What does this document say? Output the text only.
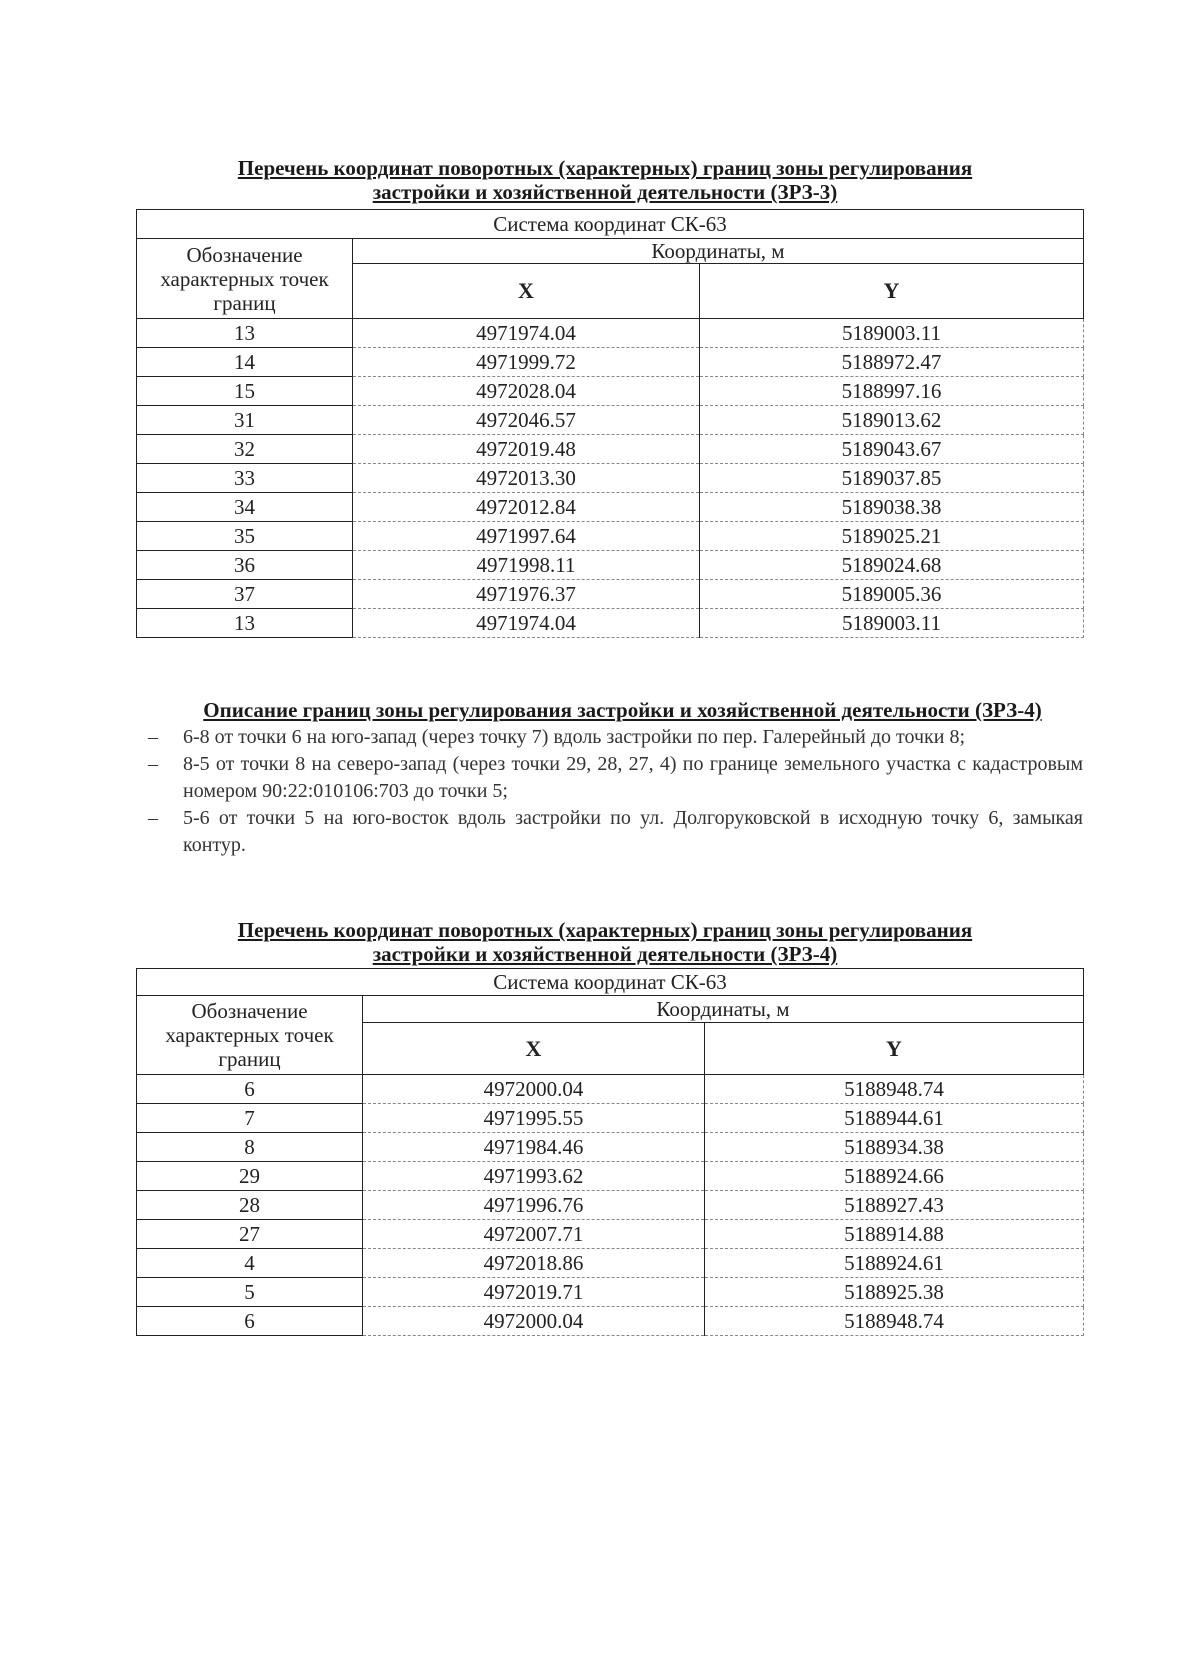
Перечень координат поворотных (характерных) границ зоны регулирования
застройки и хозяйственной деятельности (ЗРЗ-3)
Система координат СК-63		
Обозначение характерных точек границ	Координаты, м	
	X	Y
13	4971974.04	5189003.11
14	4971999.72	5188972.47
15	4972028.04	5188997.16
31	4972046.57	5189013.62
32	4972019.48	5189043.67
33	4972013.30	5189037.85
34	4972012.84	5189038.38
35	4971997.64	5189025.21
36	4971998.11	5189024.68
37	4971976.37	5189005.36
13	4971974.04	5189003.11
Описание границ зоны регулирования застройки и хозяйственной деятельности (ЗРЗ-4)
– 6-8 от точки 6 на юго-запад (через точку 7) вдоль застройки по пер. Галерейный до точки 8;
– 8-5 от точки 8 на северо-запад (через точки 29, 28, 27, 4) по границе земельного участка с кадастровым номером 90:22:010106:703 до точки 5;
– 5-6 от точки 5 на юго-восток вдоль застройки по ул. Долгоруковской в исходную точку 6, замыкая контур.
Перечень координат поворотных (характерных) границ зоны регулирования
застройки и хозяйственной деятельности (ЗРЗ-4)
Система координат СК-63		
Обозначение характерных точек границ	Координаты, м	
	X	Y
6	4972000.04	5188948.74
7	4971995.55	5188944.61
8	4971984.46	5188934.38
29	4971993.62	5188924.66
28	4971996.76	5188927.43
27	4972007.71	5188914.88
4	4972018.86	5188924.61
5	4972019.71	5188925.38
6	4972000.04	5188948.74
